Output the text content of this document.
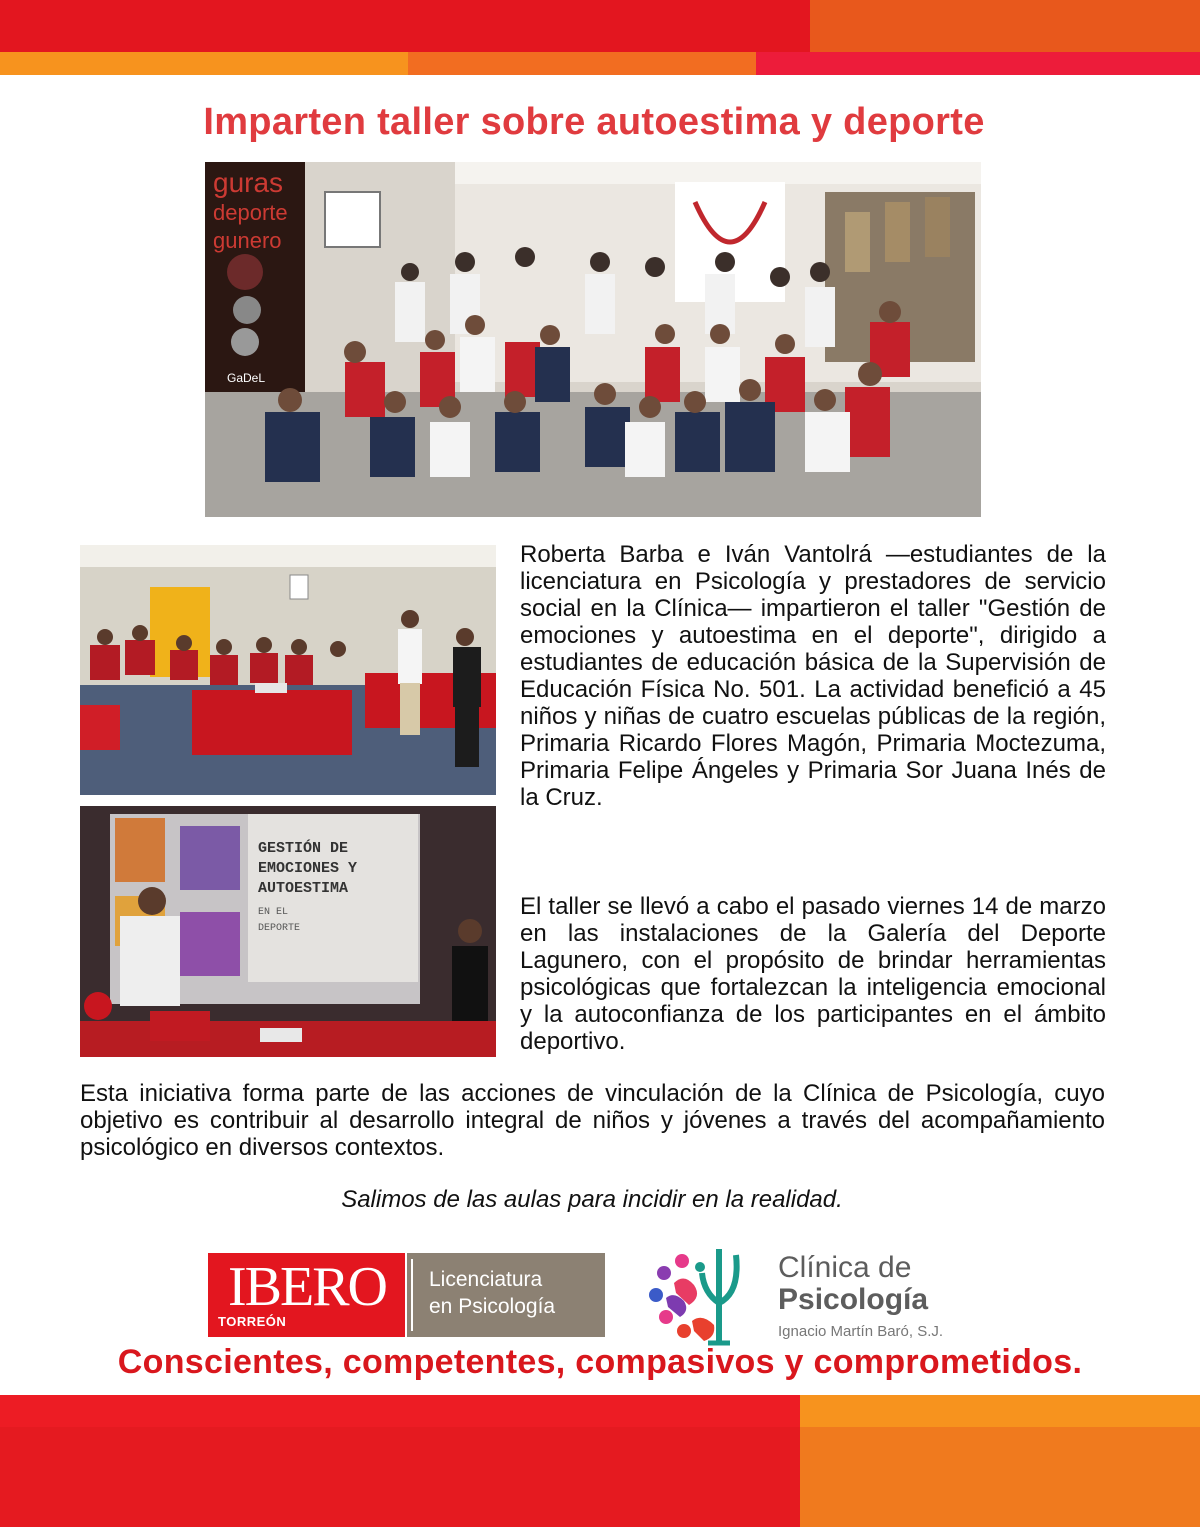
Imparten taller sobre autoestima y deporte
guras
deporte
gunero
GaDeL
GESTIÓN DE
EMOCIONES Y
AUTOESTIMA
EN EL
DEPORTE

Roberta Barba e Iván Vantolrá —estudiantes de la licenciatura en Psicología y prestadores de servicio social en la Clínica— impartieron el taller "Gestión de emociones y autoestima en el deporte", dirigido a estudiantes de educación básica de la Supervisión de Educación Física No. 501. La actividad benefició a 45 niños y niñas de cuatro escuelas públicas de la región, Primaria Ricardo Flores Magón, Primaria Moctezuma, Primaria Felipe Ángeles y Primaria Sor Juana Inés de la Cruz.

El taller se llevó a cabo el pasado viernes 14 de marzo en las instalaciones de la Galería del Deporte Lagunero, con el propósito de brindar herramientas psicológicas que fortalezcan la inteligencia emocional y la autoconfianza de los participantes en el ámbito deportivo.

Esta iniciativa forma parte de las acciones de vinculación de la Clínica de Psicología, cuyo objetivo es contribuir al desarrollo integral de niños y jóvenes a través del acompañamiento psicológico en diversos contextos.

Salimos de las aulas para incidir en la realidad.
IBERO
TORREÓN
Licenciatura
en Psicología
Clínica de
Psicología
Ignacio Martín Baró, S.J.
Conscientes, competentes, compasivos y comprometidos.
